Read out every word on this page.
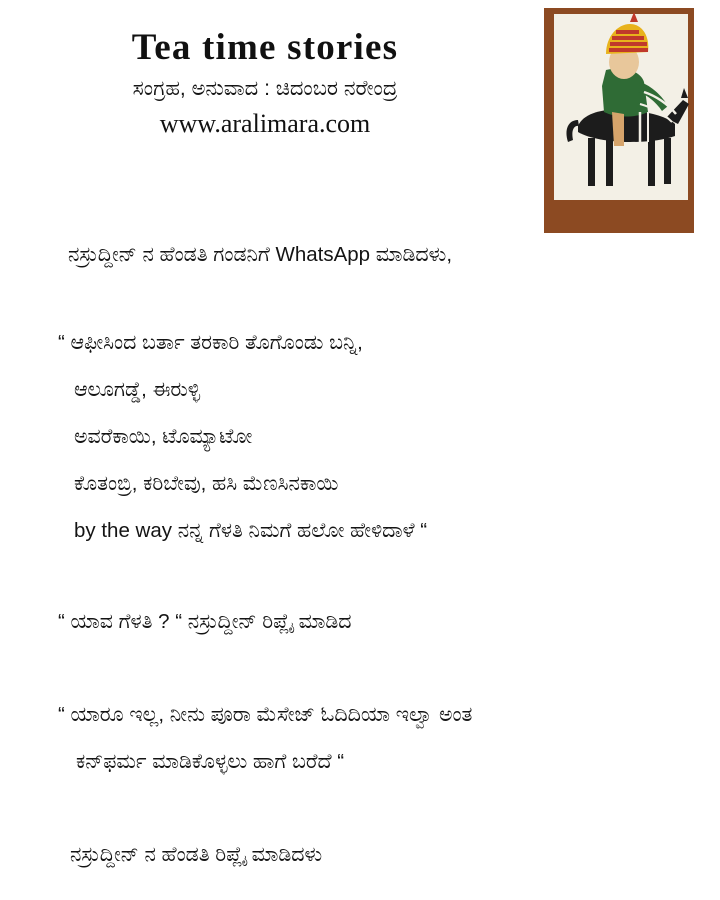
Tea time stories
ಸಂಗ್ರಹ, ಅನುವಾದ : ಚಿದಂಬರ ನರೇಂದ್ರ
www.aralimara.com
ನಸ್ರುದ್ದೀನ್ ನ ಹೆಂಡತಿ ಗಂಡನಿಗೆ WhatsApp ಮಾಡಿದಳು,
“ ಆಫೀಸಿಂದ ಬರ್ತಾ ತರಕಾರಿ ತೊಗೊಂಡು ಬನ್ನಿ,
ಆಲೂಗಡ್ಡೆ, ಈರುಳ್ಳಿ
ಅವರೆಕಾಯಿ, ಟೊಮ್ಯಾಟೋ
ಕೊತಂಬ್ರಿ, ಕರಿಬೇವು, ಹಸಿ ಮೆಣಸಿನಕಾಯಿ
by the way ನನ್ನ ಗೆಳತಿ ನಿಮಗೆ ಹಲೋ ಹೇಳಿದಾಳೆ “
“ ಯಾವ ಗೆಳತಿ ? “ ನಸ್ರುದ್ದೀನ್ ರಿಪ್ಲೈ ಮಾಡಿದ
“ ಯಾರೂ ಇಲ್ಲ, ನೀನು ಪೂರಾ ಮೆಸೇಜ್ ಓದಿದಿಯಾ ಇಲ್ವಾ ಅಂತ
ಕನ್‌ಫರ್ಮ ಮಾಡಿಕೊಳ್ಳಲು ಹಾಗೆ ಬರೆದೆ “
ನಸ್ರುದ್ದೀನ್ ನ ಹೆಂಡತಿ ರಿಪ್ಲೈ ಮಾಡಿದಳು
